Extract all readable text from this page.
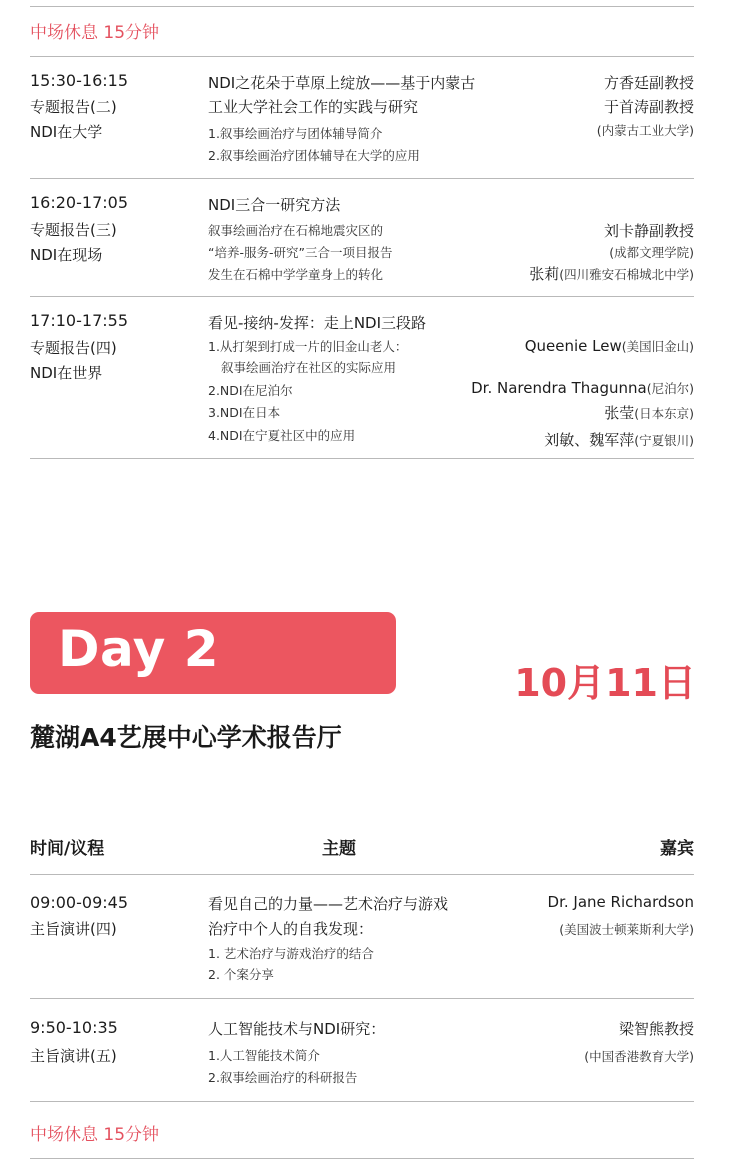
中场休息 15分钟
15:30-16:15
专题报告(二)
NDI在大学
NDI之花朵于草原上绽放——基于内蒙古
工业大学社会工作的实践与研究
1.叙事绘画治疗与团体辅导简介
2.叙事绘画治疗团体辅导在大学的应用
方香廷副教授
于首涛副教授
(内蒙古工业大学)
16:20-17:05
专题报告(三)
NDI在现场
NDI三合一研究方法
叙事绘画治疗在石棉地震灾区的
“培养-服务-研究”三合一项目报告
发生在石棉中学学童身上的转化
刘卡静副教授
(成都文理学院)
张莉(四川雅安石棉城北中学)
17:10-17:55
专题报告(四)
NDI在世界
看见-接纳-发挥：走上NDI三段路
1.从打架到打成一片的旧金山老人：
叙事绘画治疗在社区的实际应用
2.NDI在尼泊尔
3.NDI在日本
4.NDI在宁夏社区中的应用
Queenie Lew(美国旧金山)
Dr. Narendra Thagunna(尼泊尔)
张莹(日本东京)
刘敏、魏军萍(宁夏银川)
Day 2
10月11日
麓湖A4艺展中心学术报告厅
时间/议程	主题	嘉宾
09:00-09:45
主旨演讲(四)
看见自己的力量——艺术治疗与游戏
治疗中个人的自我发现：
1. 艺术治疗与游戏治疗的结合
2. 个案分享
Dr. Jane Richardson
(美国波士顿莱斯利大学)
9:50-10:35
主旨演讲(五)
人工智能技术与NDI研究：
1.人工智能技术简介
2.叙事绘画治疗的科研报告
梁智熊教授
(中国香港教育大学)
中场休息 15分钟
